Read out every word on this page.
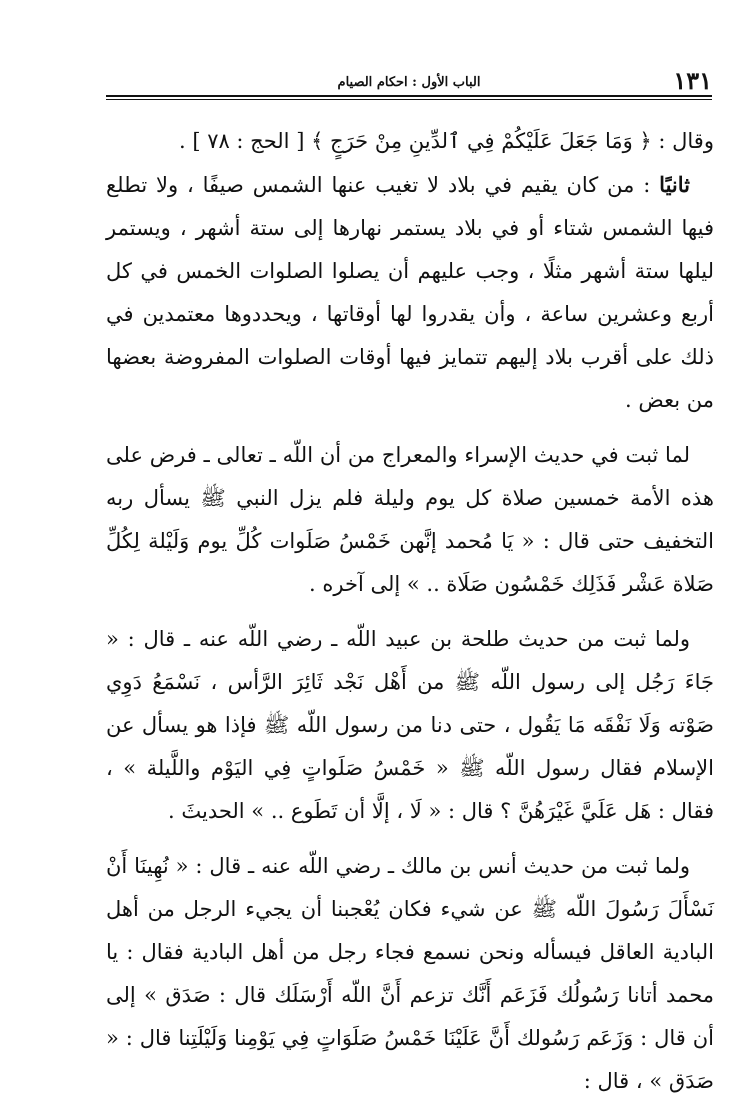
١٣١
الباب الأول : احكام الصيام

وقال : ﴿ وَمَا جَعَلَ عَلَيْكُمْ فِي ٱلدِّينِ مِنْ حَرَجٍ ﴾ [ الحج : ٧٨ ] .

ثانيًا : من كان يقيم في بلاد لا تغيب عنها الشمس صيفًا ، ولا تطلع فيها الشمس شتاء أو في بلاد يستمر نهارها إلى ستة أشهر ، ويستمر ليلها ستة أشهر مثلًا ، وجب عليهم أن يصلوا الصلوات الخمس في كل أربع وعشرين ساعة ، وأن يقدروا لها أوقاتها ، ويحددوها معتمدين في ذلك على أقرب بلاد إليهم تتمايز فيها أوقات الصلوات المفروضة بعضها من بعض .

لما ثبت في حديث الإسراء والمعراج من أن اللّه ـ تعالى ـ فرض على هذه الأمة خمسين صلاة كل يوم وليلة فلم يزل النبي ﷺ يسأل ربه التخفيف حتى قال : « يَا مُحمد إنَّهن خَمْسُ صَلَوات كُلِّ يوم وَلَيْلة لِكُلِّ صَلاة عَشْر فَذَلِك خَمْسُون صَلَاة .. » إلى آخره .

ولما ثبت من حديث طلحة بن عبيد اللّه ـ رضي اللّه عنه ـ قال : « جَاءَ رَجُل إلى رسول اللّه ﷺ من أَهْل نَجْد ثَائِرَ الرَّأس ، نَسْمَعُ دَوِي صَوْته وَلَا نَفْقَه مَا يَقُول ، حتى دنا من رسول اللّه ﷺ فإذا هو يسأل عن الإسلام فقال رسول اللّه ﷺ « خَمْسُ صَلَواتٍ فِي اليَوْم واللَّيلة » ، فقال : هَل عَلَيَّ غَيْرَهُنَّ ؟ قال : « لَا ، إلَّا أن تَطَوع .. » الحديثَ .

ولما ثبت من حديث أنس بن مالك ـ رضي اللّه عنه ـ قال : « نُهِينَا أَنْ نَسْأَلَ رَسُولَ اللّه ﷺ عن شيء فكان يُعْجبنا أن يجيء الرجل من أهل البادية العاقل فيسأله ونحن نسمع فجاء رجل من أهل البادية فقال : يا محمد أتانا رَسُولُك فَزَعَم أَنَّك تزعم أَنَّ اللّه أَرْسَلَك قال : صَدَق » إلى أن قال : وَزَعَم رَسُولك أَنَّ عَلَيْنَا خَمْسُ صَلَوَاتٍ فِي يَوْمِنا وَلَيْلَتِنا قال : « صَدَق » ، قال :
